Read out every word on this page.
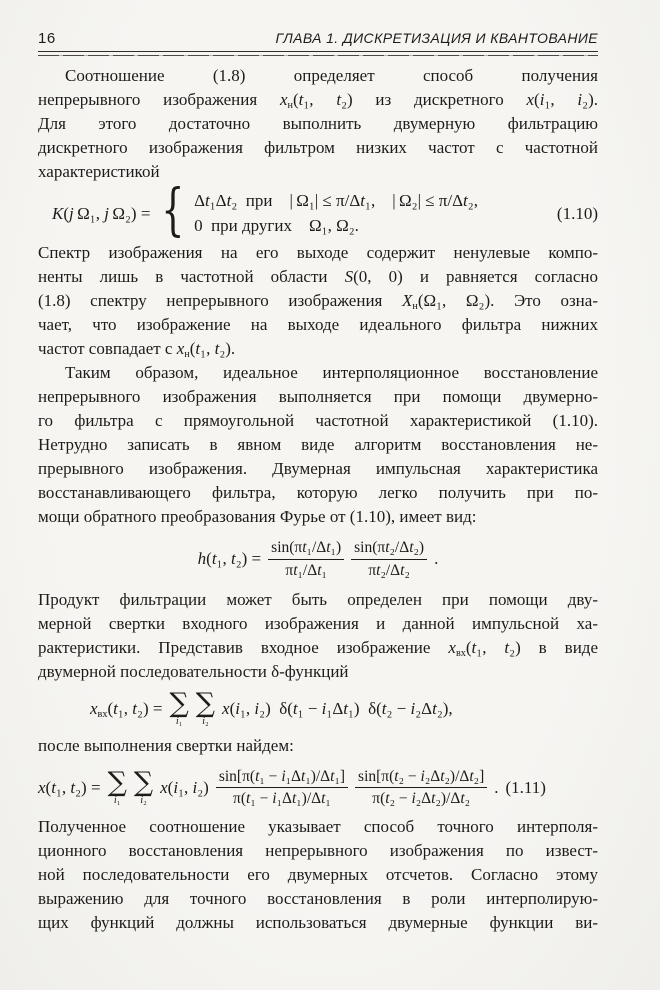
16	ГЛАВА 1. ДИСКРЕТИЗАЦИЯ И КВАНТОВАНИЕ
Соотношение (1.8) определяет способ получения
непрерывного изображения $x_н(t_1$, t₂) из дискретного x(i₁, i₂).
Для этого достаточно выполнить двумерную фильтрацию
дискретного изображения фильтром низких частот с частотной
характеристикой
K(j Ω₁, j Ω₂) = { Δt₁Δt₂ при  | Ω₁| ≤ π/Δt₁,  | Ω₂| ≤ π/Δt₂,
0 при других  Ω₁, Ω₂.
(1.10)
Спектр изображения на его выходе содержит ненулевые компо-
ненты лишь в частотной области S(0, 0) и равняется согласно
(1.8) спектру непрерывного изображения $X_н(\Omega_1$, Ω₂). Это озна-
чает, что изображение на выходе идеального фильтра нижних
частот совпадает с $x_н(t_1$, t₂).
Таким образом, идеальное интерполяционное восстановление
непрерывного изображения выполняется при помощи двумерно-
го фильтра с прямоугольной частотной характеристикой (1.10).
Нетрудно записать в явном виде алгоритм восстановления не-
прерывного изображения. Двумерная импульсная характеристика
восстанавливающего фильтра, которую легко получить при по-
мощи обратного преобразования Фурье от (1.10), имеет вид:
h(t₁, $t_2) = \frac{\text{sin(πt₁/Δt₁)}}{\text{πt₁/Δt₁}} \frac{\text{sin(πt₂/Δt₂)}}{\text{πt₂/Δt₂}}$ .
Продукт фильтрации может быть определен при помощи дву-
мерной свертки входного изображения и данной импульсной ха-
рактеристики. Представив входное изображение $x_{вх}(t_1$, t₂) в виде
двумерной последовательности δ-функций
$x_{вх}(t_1$, t₂) = ∑
i₁
∑
i₂
x(i₁, i₂) δ(t₁ − i₁Δt₁) δ(t₂ − i₂Δt₂),
после выполнения свертки найдем:
x(t₁, t₂) = ∑
i₁
∑
i₂
x(i₁, $i_2) \frac{\text{sin[π(t₁ − i₁Δt₁)/Δt₁]}}{\text{π(t₁ − i₁Δt₁)/Δt₁}} \frac{\text{sin[π(t₂ − i₂Δt₂)/Δt₂]}}{\text{π(t₂ − i₂Δt₂)/Δt₂}}$ . (1.11)
Полученное соотношение указывает способ точного интерполя-
ционного восстановления непрерывного изображения по извест-
ной последовательности его двумерных отсчетов. Согласно этому
выражению для точного восстановления в роли интерполирую-
щих функций должны использоваться двумерные функции ви-
